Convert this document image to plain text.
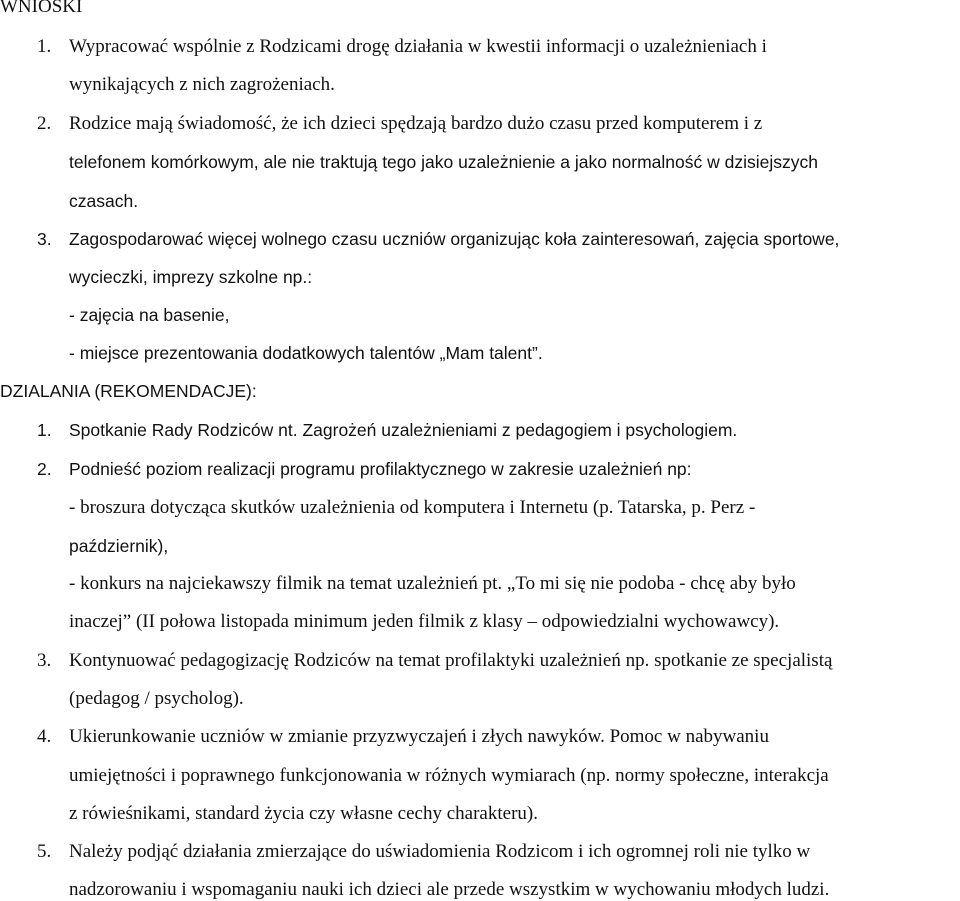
WNIOSKI
1. Wypracować wspólnie z Rodzicami drogę działania w kwestii informacji o uzależnieniach i
wynikających z nich zagrożeniach.
2. Rodzice mają świadomość, że ich dzieci spędzają bardzo dużo czasu przed komputerem i z
telefonem komórkowym, ale nie traktują tego jako uzależnienie a jako normalność w dzisiejszych
czasach.
3. Zagospodarować więcej wolnego czasu uczniów organizując koła zainteresowań, zajęcia sportowe,
wycieczki, imprezy szkolne np.:
- zajęcia na basenie,
- miejsce prezentowania dodatkowych talentów „Mam talent”.
DZIALANIA (REKOMENDACJE):
1. Spotkanie Rady Rodziców nt. Zagrożeń uzależnieniami z pedagogiem i psychologiem.
2. Podnieść poziom realizacji programu profilaktycznego w zakresie uzależnień np:
- broszura dotycząca skutków uzależnienia od komputera i Internetu (p. Tatarska, p. Perz -
październik),
- konkurs na najciekawszy filmik na temat uzależnień pt. „To mi się nie podoba - chcę aby było
inaczej” (II połowa listopada minimum jeden filmik z klasy – odpowiedzialni wychowawcy).
3. Kontynuować pedagogizację Rodziców na temat profilaktyki uzależnień np. spotkanie ze specjalistą
(pedagog / psycholog).
4. Ukierunkowanie uczniów w zmianie przyzwyczajeń i złych nawyków. Pomoc w nabywaniu
umiejętności i poprawnego funkcjonowania w różnych wymiarach (np. normy społeczne, interakcja
z rówieśnikami, standard życia czy własne cechy charakteru).
5. Należy podjąć działania zmierzające do uświadomienia Rodzicom i ich ogromnej roli nie tylko w
nadzorowaniu i wspomaganiu nauki ich dzieci ale przede wszystkim w wychowaniu młodych ludzi.
